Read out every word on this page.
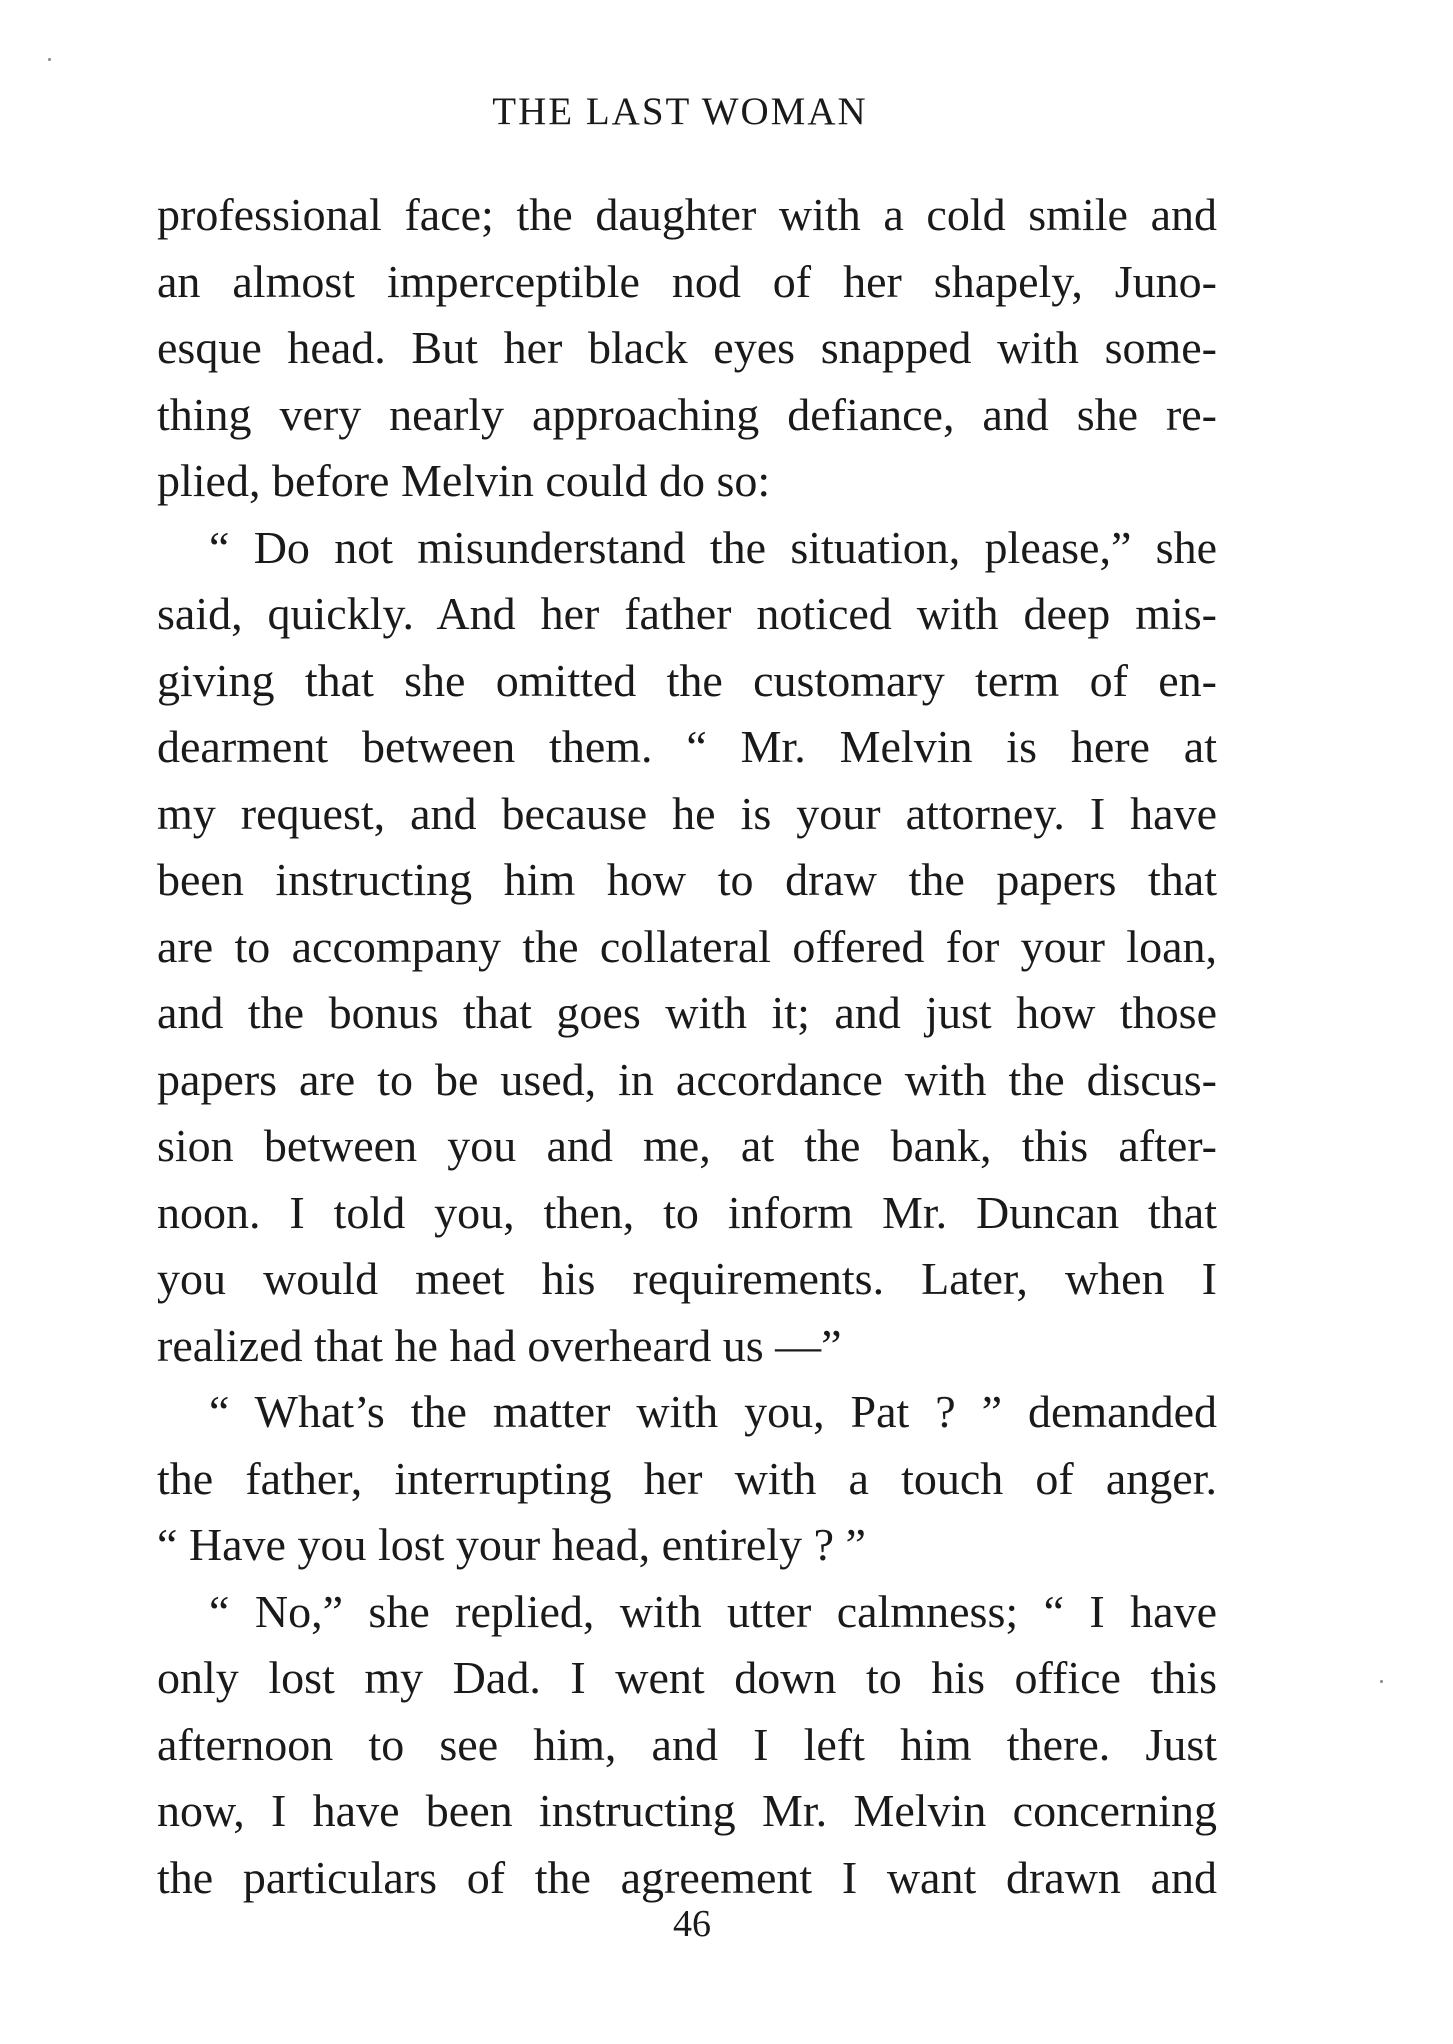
THE LAST WOMAN
professional face; the daughter with a cold smile and
an almost imperceptible nod of her shapely, Juno-
esque head. But her black eyes snapped with some-
thing very nearly approaching defiance, and she re-
plied, before Melvin could do so:
“ Do not misunderstand the situation, please,” she
said, quickly. And her father noticed with deep mis-
giving that she omitted the customary term of en-
dearment between them. “ Mr. Melvin is here at
my request, and because he is your attorney. I have
been instructing him how to draw the papers that
are to accompany the collateral offered for your loan,
and the bonus that goes with it; and just how those
papers are to be used, in accordance with the discus-
sion between you and me, at the bank, this after-
noon. I told you, then, to inform Mr. Duncan that
you would meet his requirements. Later, when I
realized that he had overheard us —”
“ What’s the matter with you, Pat ? ” demanded
the father, interrupting her with a touch of anger.
“ Have you lost your head, entirely ? ”
“ No,” she replied, with utter calmness; “ I have
only lost my Dad. I went down to his office this
afternoon to see him, and I left him there. Just
now, I have been instructing Mr. Melvin concerning
the particulars of the agreement I want drawn and
46
